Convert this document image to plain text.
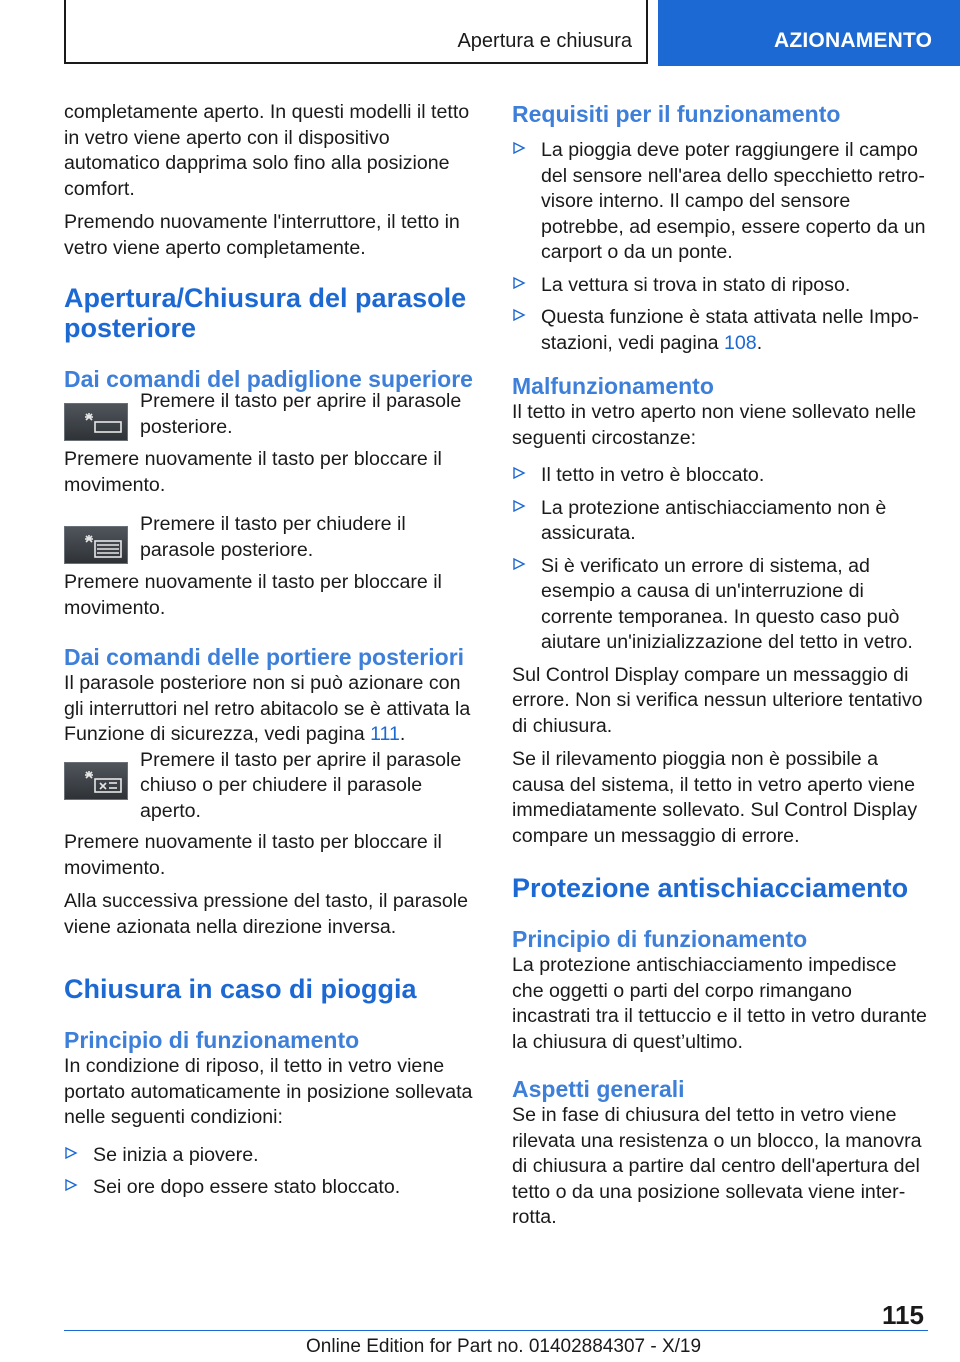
Apertura e chiusura	AZIONAMENTO

completamente aperto. In questi modelli il tetto in vetro viene aperto con il dispositivo automatico dapprima solo fino alla posizione comfort.

Premendo nuovamente l'interruttore, il tetto in vetro viene aperto completamente.

Apertura/Chiusura del parasole posteriore
Dai comandi del padiglione superiore
Premere il tasto per aprire il parasole posteriore.

Premere nuovamente il tasto per bloccare il movimento.

Premere il tasto per chiudere il parasole posteriore.

Premere nuovamente il tasto per bloccare il movimento.

Dai comandi delle portiere posteriori

Il parasole posteriore non si può azionare con gli interruttori nel retro abitacolo se è attivata la Funzione di sicurezza, vedi pagina 111.

Premere il tasto per aprire il parasole chiuso o per chiudere il parasole aperto.

Premere nuovamente il tasto per bloccare il movimento.

Alla successiva pressione del tasto, il parasole viene azionata nella direzione inversa.

Chiusura in caso di pioggia
Principio di funzionamento

In condizione di riposo, il tetto in vetro viene portato automaticamente in posizione sollevata nelle seguenti condizioni:

Se inizia a piovere.
Sei ore dopo essere stato bloccato.
Requisiti per il funzionamento
La pioggia deve poter raggiungere il campo del sensore nell'area dello specchietto retrovisore interno. Il campo del sensore potrebbe, ad esempio, essere coperto da un carport o da un ponte.
La vettura si trova in stato di riposo.
Questa funzione è stata attivata nelle Impostazioni, vedi pagina 108.
Malfunzionamento

Il tetto in vetro aperto non viene sollevato nelle seguenti circostanze:

Il tetto in vetro è bloccato.
La protezione antischiacciamento non è assicurata.
Si è verificato un errore di sistema, ad esempio a causa di un'interruzione di corrente temporanea. In questo caso può aiutare un'inizializzazione del tetto in vetro.

Sul Control Display compare un messaggio di errore. Non si verifica nessun ulteriore tentativo di chiusura.

Se il rilevamento pioggia non è possibile a causa del sistema, il tetto in vetro aperto viene immediatamente sollevato. Sul Control Display compare un messaggio di errore.

Protezione antischiacciamento
Principio di funzionamento

La protezione antischiacciamento impedisce che oggetti o parti del corpo rimangano incastrati tra il tettuccio e il tetto in vetro durante la chiusura di quest’ultimo.

Aspetti generali

Se in fase di chiusura del tetto in vetro viene rilevata una resistenza o un blocco, la manovra di chiusura a partire dal centro dell'apertura del tetto o da una posizione sollevata viene interrotta.

115
Online Edition for Part no. 01402884307 - X/19
